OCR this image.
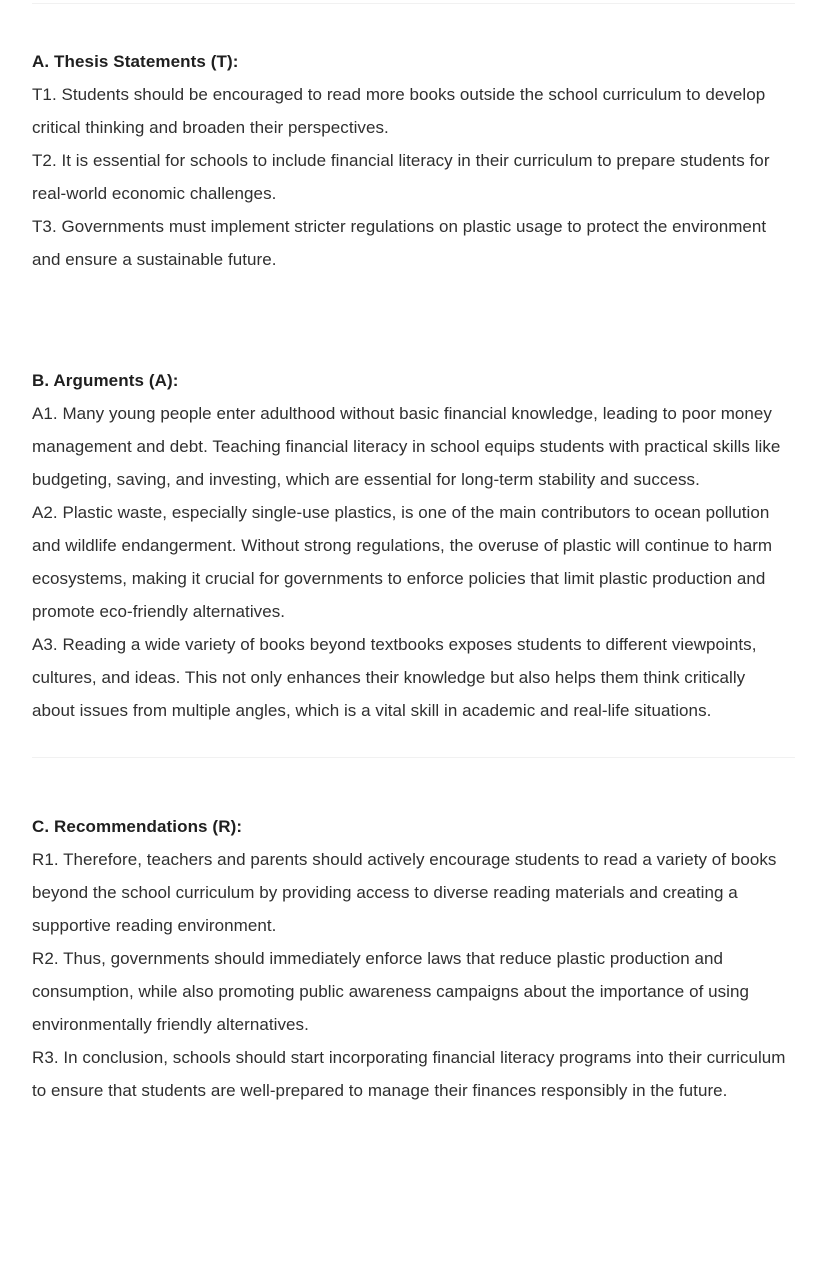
A. Thesis Statements (T):

T1. Students should be encouraged to read more books outside the school curriculum to develop critical thinking and broaden their perspectives.

T2. It is essential for schools to include financial literacy in their curriculum to prepare students for real-world economic challenges.

T3. Governments must implement stricter regulations on plastic usage to protect the environment and ensure a sustainable future.

B. Arguments (A):

A1. Many young people enter adulthood without basic financial knowledge, leading to poor money management and debt. Teaching financial literacy in school equips students with practical skills like budgeting, saving, and investing, which are essential for long-term stability and success.

A2. Plastic waste, especially single-use plastics, is one of the main contributors to ocean pollution and wildlife endangerment. Without strong regulations, the overuse of plastic will continue to harm ecosystems, making it crucial for governments to enforce policies that limit plastic production and promote eco-friendly alternatives.

A3. Reading a wide variety of books beyond textbooks exposes students to different viewpoints, cultures, and ideas. This not only enhances their knowledge but also helps them think critically about issues from multiple angles, which is a vital skill in academic and real-life situations.

C. Recommendations (R):

R1. Therefore, teachers and parents should actively encourage students to read a variety of books beyond the school curriculum by providing access to diverse reading materials and creating a supportive reading environment.

R2. Thus, governments should immediately enforce laws that reduce plastic production and consumption, while also promoting public awareness campaigns about the importance of using environmentally friendly alternatives.

R3. In conclusion, schools should start incorporating financial literacy programs into their curriculum to ensure that students are well-prepared to manage their finances responsibly in the future.
